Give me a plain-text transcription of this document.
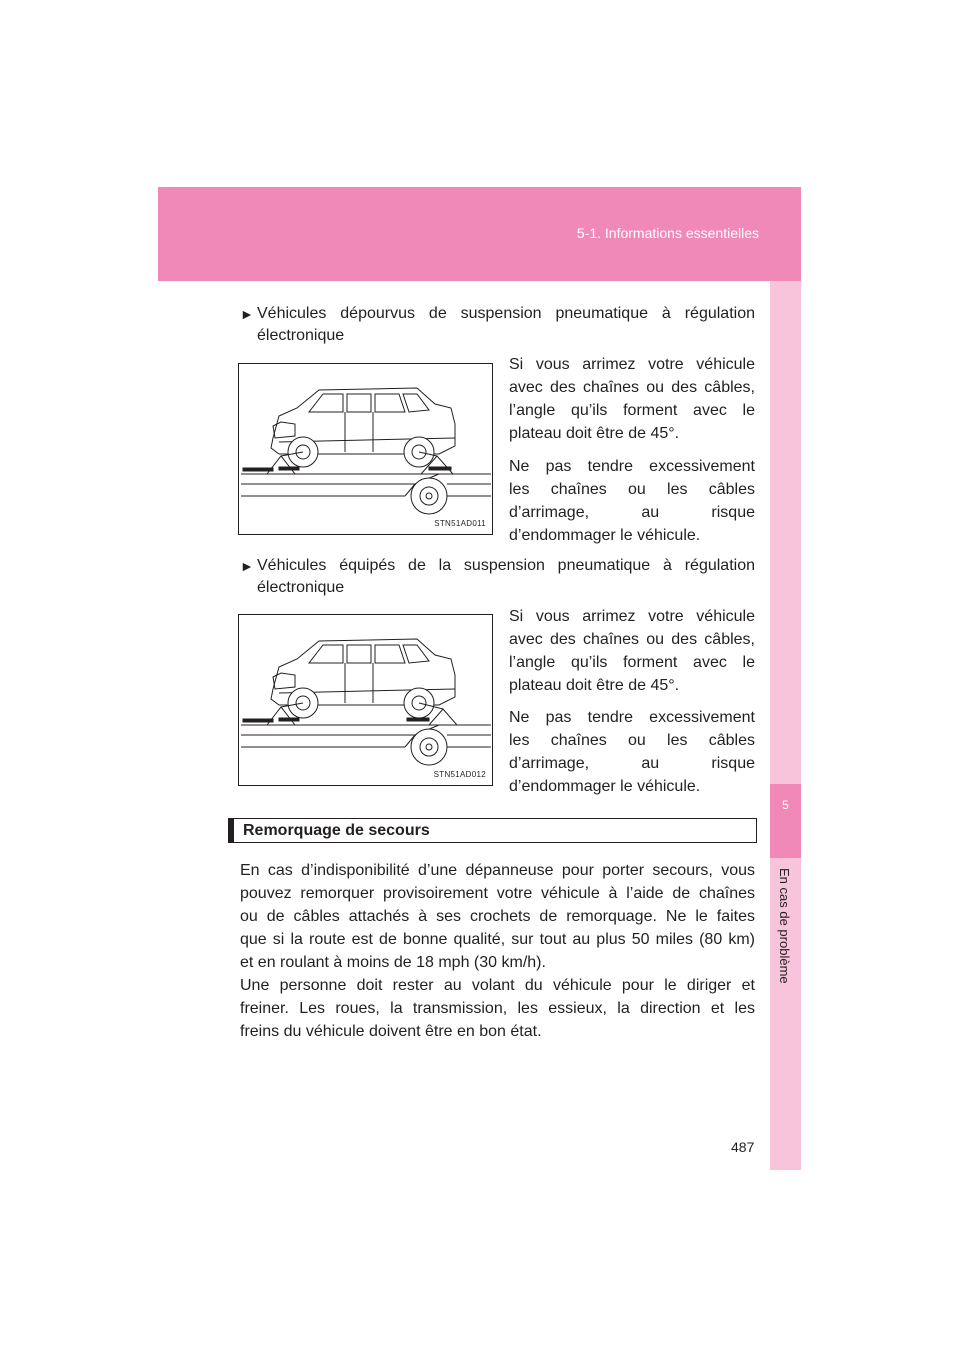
5-1. Informations essentielles
5
En cas de problème
► Véhicules dépourvus de suspension pneumatique à régulation électronique
STN51AD011

Si vous arrimez votre véhicule
avec des chaînes ou des câbles,
l’angle qu’ils forment avec le
plateau doit être de 45°.

Ne pas tendre excessivement
les chaînes ou les câbles
d’arrimage, au risque
d’endommager le véhicule.

► Véhicules équipés de la suspension pneumatique à régulation électronique
STN51AD012

Si vous arrimez votre véhicule
avec des chaînes ou des câbles,
l’angle qu’ils forment avec le
plateau doit être de 45°.

Ne pas tendre excessivement
les chaînes ou les câbles
d’arrimage, au risque
d’endommager le véhicule.

Remorquage de secours

En cas d’indisponibilité d’une dépanneuse pour porter secours, vous
pouvez remorquer provisoirement votre véhicule à l’aide de chaînes
ou de câbles attachés à ses crochets de remorquage. Ne le faites
que si la route est de bonne qualité, sur tout au plus 50 miles (80 km)
et en roulant à moins de 18 mph (30 km/h).

Une personne doit rester au volant du véhicule pour le diriger et
freiner. Les roues, la transmission, les essieux, la direction et les
freins du véhicule doivent être en bon état.

487
